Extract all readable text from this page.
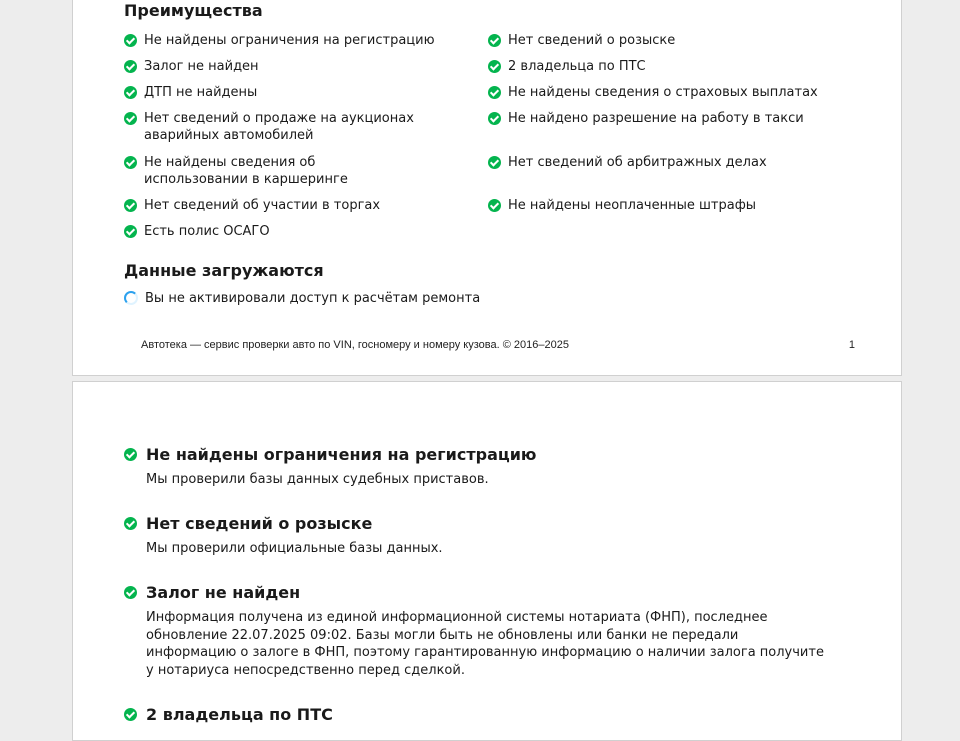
Преимущества
Не найдены ограничения на регистрацию
Залог не найден
ДТП не найдены
Нет сведений о продаже на аукционах аварийных автомобилей
Не найдены сведения об использовании в каршеринге
Нет сведений об участии в торгах
Есть полис ОСАГО
Нет сведений о розыске
2 владельца по ПТС
Не найдены сведения о страховых выплатах
Не найдено разрешение на работу в такси
Нет сведений об арбитражных делах
Не найдены неоплаченные штрафы
Данные загружаются
Вы не активировали доступ к расчётам ремонта
Автотека — сервис проверки авто по VIN, госномеру и номеру кузова. © 2016–2025	1
Не найдены ограничения на регистрацию
Мы проверили базы данных судебных приставов.
Нет сведений о розыске
Мы проверили официальные базы данных.
Залог не найден
Информация получена из единой информационной системы нотариата (ФНП), последнее обновление 22.07.2025 09:02. Базы могли быть не обновлены или банки не передали информацию о залоге в ФНП, поэтому гарантированную информацию о наличии залога получите у нотариуса непосредственно перед сделкой.
2 владельца по ПТС
